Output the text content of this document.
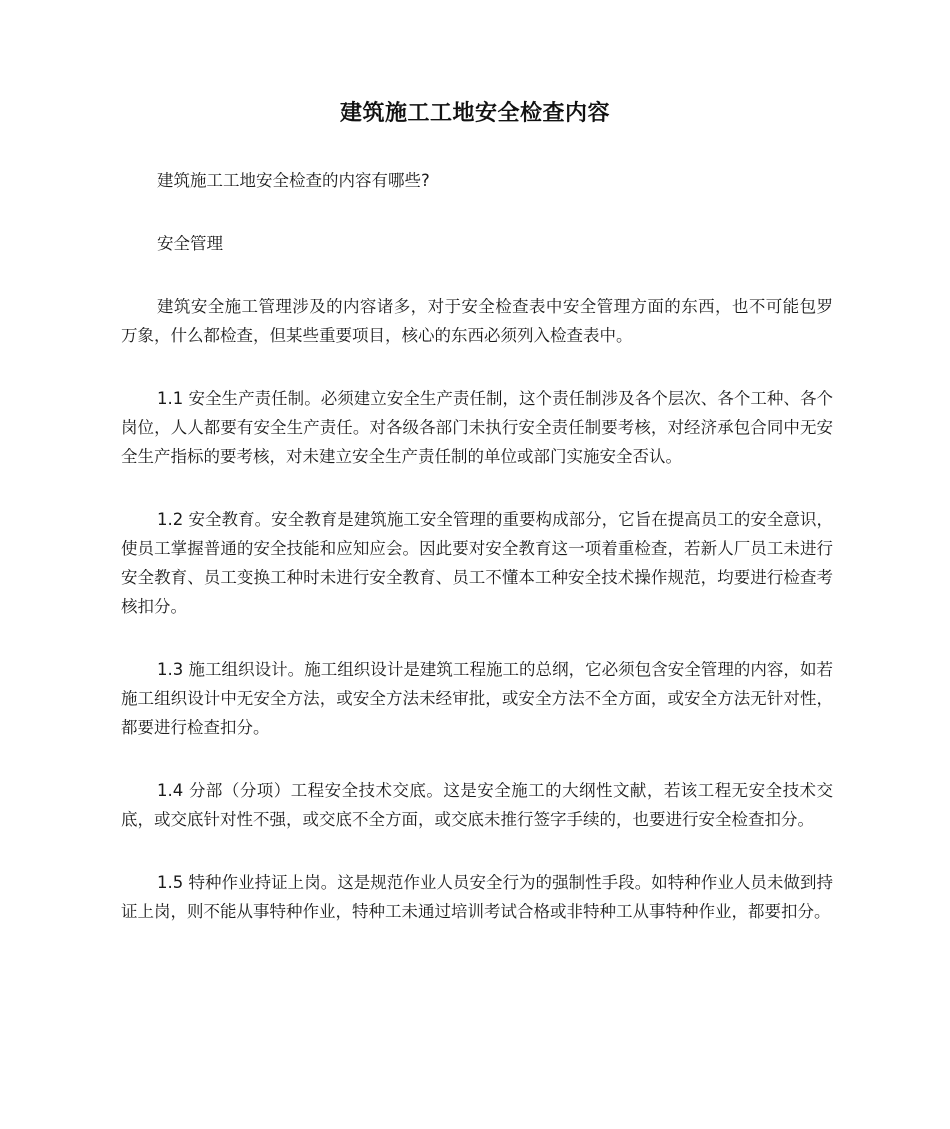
建筑施工工地安全检查内容

建筑施工工地安全检查的内容有哪些?

安全管理

建筑安全施工管理涉及的内容诸多，对于安全检查表中安全管理方面的东西，也不可能包罗万象，什么都检查，但某些重要项目，核心的东西必须列入检查表中。

1.1 安全生产责任制。必须建立安全生产责任制，这个责任制涉及各个层次、各个工种、各个岗位，人人都要有安全生产责任。对各级各部门未执行安全责任制要考核，对经济承包合同中无安全生产指标的要考核，对未建立安全生产责任制的单位或部门实施安全否认。

1.2 安全教育。安全教育是建筑施工安全管理的重要构成部分，它旨在提高员工的安全意识，使员工掌握普通的安全技能和应知应会。因此要对安全教育这一项着重检查，若新人厂员工未进行安全教育、员工变换工种时未进行安全教育、员工不懂本工种安全技术操作规范，均要进行检查考核扣分。

1.3 施工组织设计。施工组织设计是建筑工程施工的总纲，它必须包含安全管理的内容，如若施工组织设计中无安全方法，或安全方法未经审批，或安全方法不全方面，或安全方法无针对性，都要进行检查扣分。

1.4 分部（分项）工程安全技术交底。这是安全施工的大纲性文献，若该工程无安全技术交底，或交底针对性不强，或交底不全方面，或交底未推行签字手续的，也要进行安全检查扣分。

1.5 特种作业持证上岗。这是规范作业人员安全行为的强制性手段。如特种作业人员未做到持证上岗，则不能从事特种作业，特种工未通过培训考试合格或非特种工从事特种作业，都要扣分。
